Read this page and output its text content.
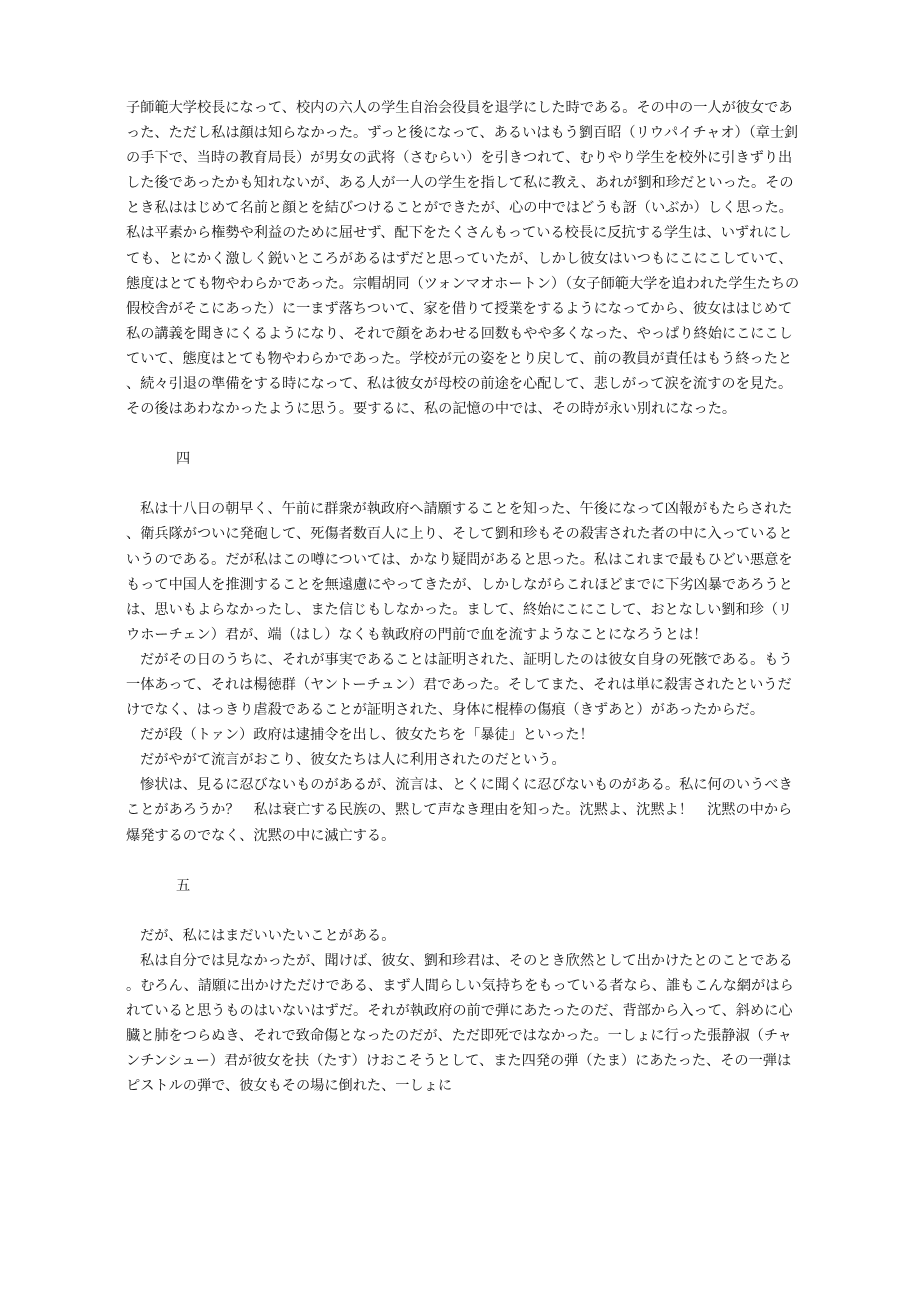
子師範大学校長になって、校内の六人の学生自治会役員を退学にした時である。その中の一人が彼女であった、ただし私は顔は知らなかった。ずっと後になって、あるいはもう劉百昭（リウパイチャオ）（章士釗の手下で、当時の教育局長）が男女の武将（さむらい）を引きつれて、むりやり学生を校外に引きずり出した後であったかも知れないが、ある人が一人の学生を指して私に教え、あれが劉和珍だといった。そのとき私ははじめて名前と顔とを結びつけることができたが、心の中ではどうも訝（いぶか）しく思った。私は平素から権勢や利益のために屈せず、配下をたくさんもっている校長に反抗する学生は、いずれにしても、とにかく激しく鋭いところがあるはずだと思っていたが、しかし彼女はいつもにこにこしていて、態度はとても物やわらかであった。宗帽胡同（ツォンマオホートン）（女子師範大学を追われた学生たちの假校舎がそこにあった）に一まず落ちついて、家を借りて授業をするようになってから、彼女ははじめて私の講義を聞きにくるようになり、それで顔をあわせる回数もやや多くなった、やっぱり終始にこにこしていて、態度はとても物やわらかであった。学校が元の姿をとり戻して、前の教員が責任はもう終ったと、続々引退の準備をする時になって、私は彼女が母校の前途を心配して、悲しがって涙を流すのを見た。その後はあわなかったように思う。要するに、私の記憶の中では、その時が永い別れになった。

四

私は十八日の朝早く、午前に群衆が執政府へ請願することを知った、午後になって凶報がもたらされた、衛兵隊がついに発砲して、死傷者数百人に上り、そして劉和珍もその殺害された者の中に入っているというのである。だが私はこの噂については、かなり疑問があると思った。私はこれまで最もひどい悪意をもって中国人を推測することを無遠慮にやってきたが、しかしながらこれほどまでに下劣凶暴であろうとは、思いもよらなかったし、また信じもしなかった。まして、終始にこにこして、おとなしい劉和珍（リウホーチェン）君が、端（はし）なくも執政府の門前で血を流すようなことになろうとは！

だがその日のうちに、それが事実であることは証明された、証明したのは彼女自身の死骸である。もう一体あって、それは楊徳群（ヤントーチュン）君であった。そしてまた、それは単に殺害されたというだけでなく、はっきり虐殺であることが証明された、身体に棍棒の傷痕（きずあと）があったからだ。

だが段（トァン）政府は逮捕令を出し、彼女たちを「暴徒」といった！

だがやがて流言がおこり、彼女たちは人に利用されたのだという。

惨状は、見るに忍びないものがあるが、流言は、とくに聞くに忍びないものがある。私に何のいうべきことがあろうか？　私は衰亡する民族の、黙して声なき理由を知った。沈黙よ、沈黙よ！　沈黙の中から爆発するのでなく、沈黙の中に滅亡する。

五

だが、私にはまだいいたいことがある。

私は自分では見なかったが、聞けば、彼女、劉和珍君は、そのとき欣然として出かけたとのことである。むろん、請願に出かけただけである、まず人間らしい気持ちをもっている者なら、誰もこんな網がはられていると思うものはいないはずだ。それが執政府の前で弾にあたったのだ、背部から入って、斜めに心臓と肺をつらぬき、それで致命傷となったのだが、ただ即死ではなかった。一しょに行った張静淑（チャンチンシュー）君が彼女を扶（たす）けおこそうとして、また四発の弾（たま）にあたった、その一弾はピストルの弾で、彼女もその場に倒れた、一しょに
